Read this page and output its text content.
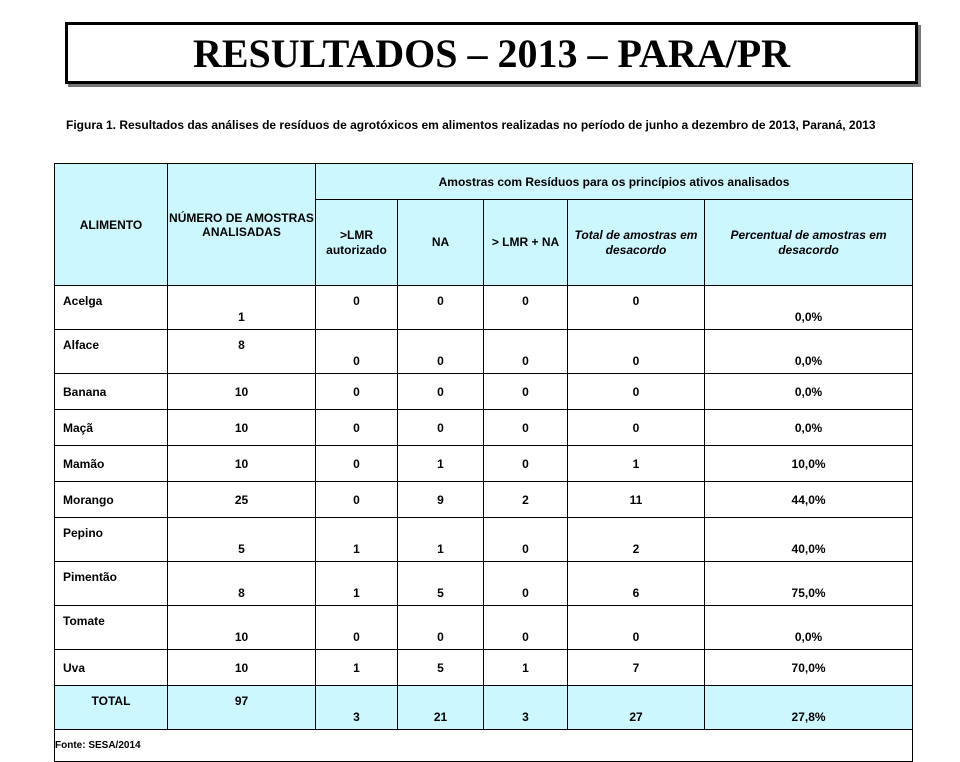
RESULTADOS – 2013 – PARA/PR
Figura 1. Resultados das análises de resíduos de agrotóxicos em alimentos realizadas no período de junho a dezembro de 2013, Paraná, 2013
ALIMENTO	NÚMERO DE AMOSTRAS ANALISADAS	Amostras com Resíduos para os princípios ativos analisados				
		>LMR autorizado	NA	> LMR + NA	Total de amostras em desacordo	Percentual de amostras em desacordo
Acelga	1	0	0	0	0	0,0%
Alface	8	0	0	0	0	0,0%
Banana	10	0	0	0	0	0,0%
Maçã	10	0	0	0	0	0,0%
Mamão	10	0	1	0	1	10,0%
Morango	25	0	9	2	11	44,0%
Pepino	5	1	1	0	2	40,0%
Pimentão	8	1	5	0	6	75,0%
Tomate	10	0	0	0	0	0,0%
Uva	10	1	5	1	7	70,0%
TOTAL	97	3	21	3	27	27,8%
Fonte: SESA/2014						
